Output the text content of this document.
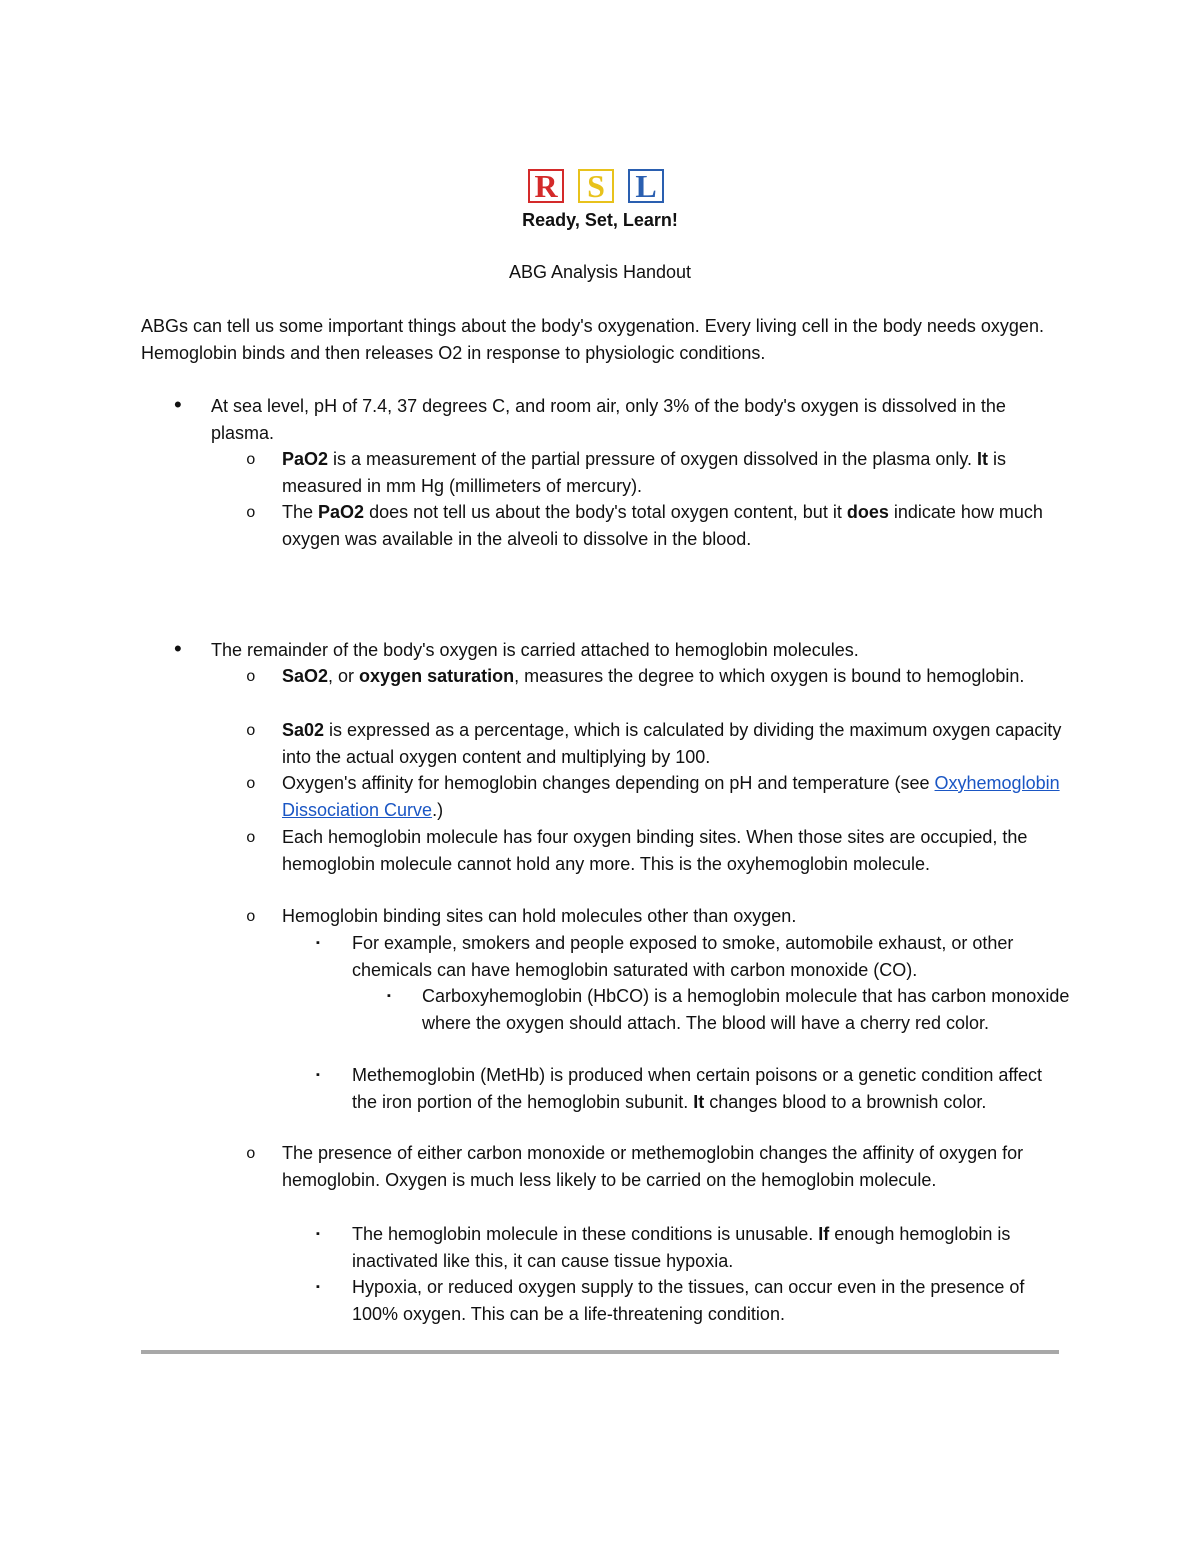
R S L
Ready, Set, Learn!
ABG Analysis Handout
ABGs can tell us some important things about the body's oxygenation. Every living cell in the body needs oxygen. Hemoglobin binds and then releases O2 in response to physiologic conditions.
• At sea level, pH of 7.4, 37 degrees C, and room air, only 3% of the body's oxygen is dissolved in the plasma.
o PaO2 is a measurement of the partial pressure of oxygen dissolved in the plasma only. It is measured in mm Hg (millimeters of mercury).
o The PaO2 does not tell us about the body's total oxygen content, but it does indicate how much oxygen was available in the alveoli to dissolve in the blood.
• The remainder of the body's oxygen is carried attached to hemoglobin molecules.
o SaO2, or oxygen saturation, measures the degree to which oxygen is bound to hemoglobin.
o Sa02 is expressed as a percentage, which is calculated by dividing the maximum oxygen capacity into the actual oxygen content and multiplying by 100.
o Oxygen's affinity for hemoglobin changes depending on pH and temperature (see Oxyhemoglobin Dissociation Curve.)
o Each hemoglobin molecule has four oxygen binding sites. When those sites are occupied, the hemoglobin molecule cannot hold any more. This is the oxyhemoglobin molecule.
o Hemoglobin binding sites can hold molecules other than oxygen.
▪ For example, smokers and people exposed to smoke, automobile exhaust, or other chemicals can have hemoglobin saturated with carbon monoxide (CO).
▪ Carboxyhemoglobin (HbCO) is a hemoglobin molecule that has carbon monoxide where the oxygen should attach. The blood will have a cherry red color.
▪ Methemoglobin (MetHb) is produced when certain poisons or a genetic condition affect the iron portion of the hemoglobin subunit. It changes blood to a brownish color.
o The presence of either carbon monoxide or methemoglobin changes the affinity of oxygen for hemoglobin. Oxygen is much less likely to be carried on the hemoglobin molecule.
▪ The hemoglobin molecule in these conditions is unusable. If enough hemoglobin is inactivated like this, it can cause tissue hypoxia.
▪ Hypoxia, or reduced oxygen supply to the tissues, can occur even in the presence of 100% oxygen. This can be a life-threatening condition.
